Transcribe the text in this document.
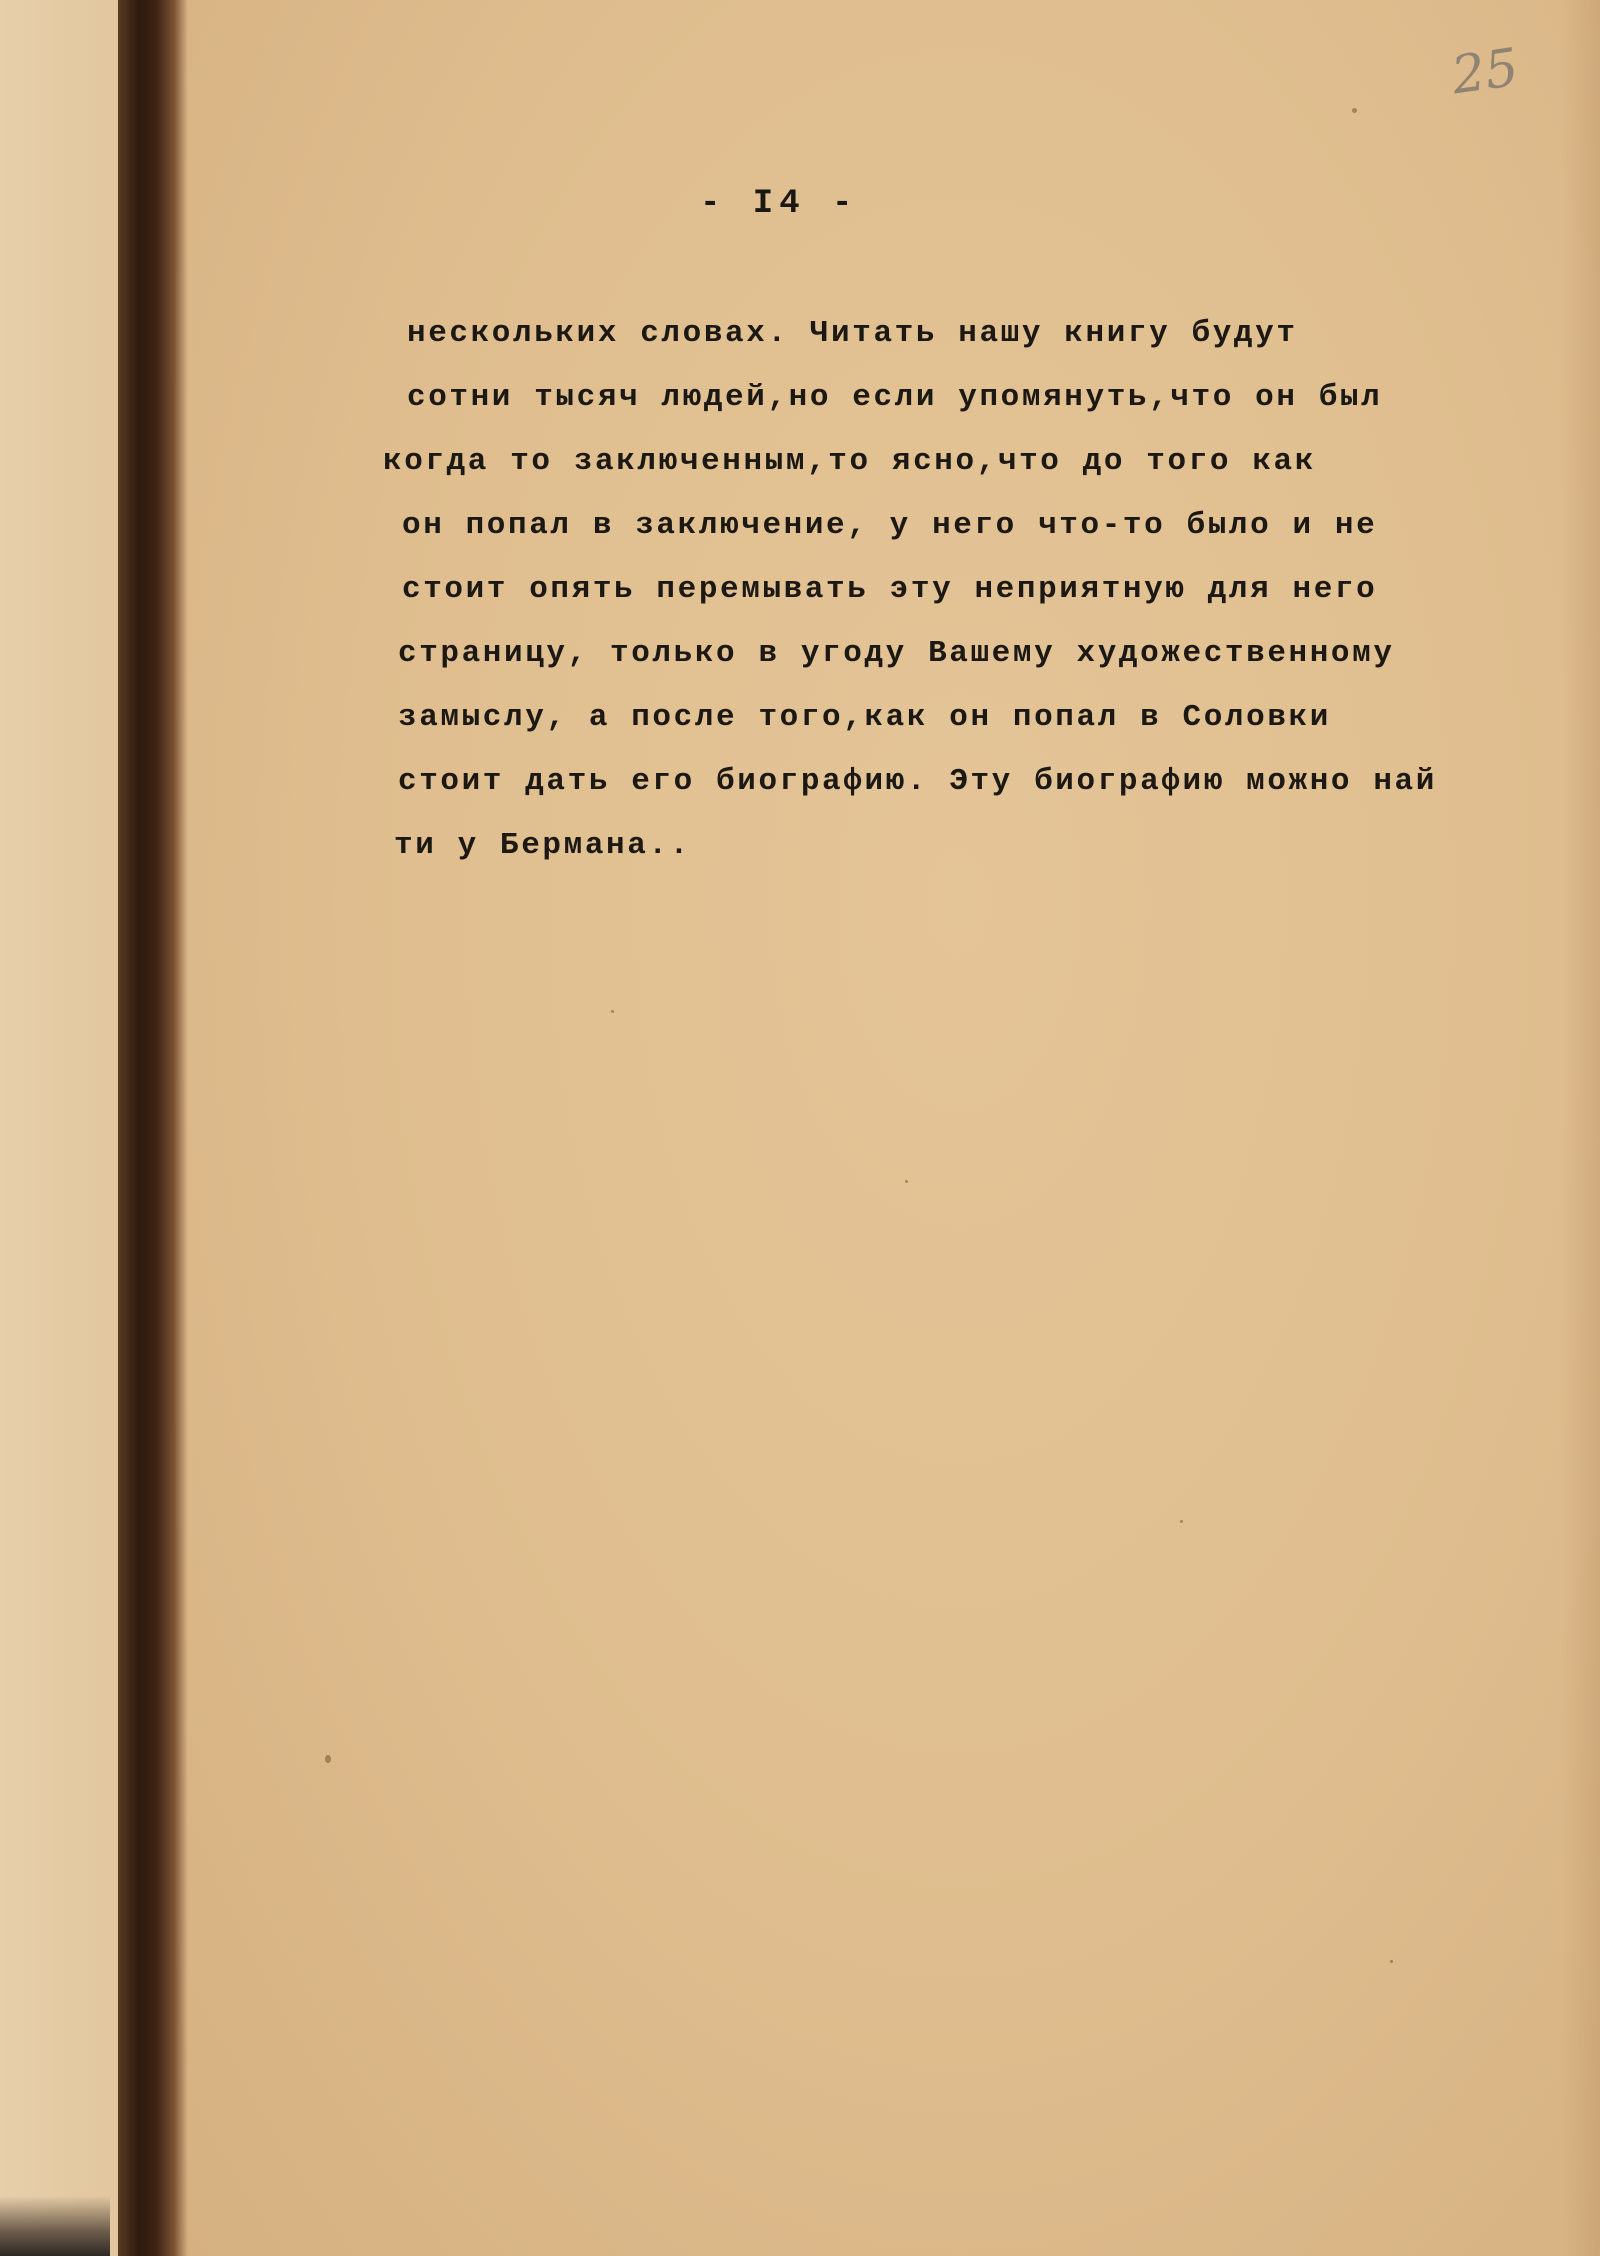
25
- I4 -
нескольких словах. Читать нашу книгу будут
сотни тысяч людей,но если упомянуть,что он был
когда то заключенным,то ясно,что до того как
он попал в заключение, у него что-то было и не
стоит опять перемывать эту неприятную для него
страницу, только в угоду Вашему художественному
замыслу, а после того,как он попал в Соловки
стоит дать его биографию. Эту биографию можно най
ти у Бермана..
